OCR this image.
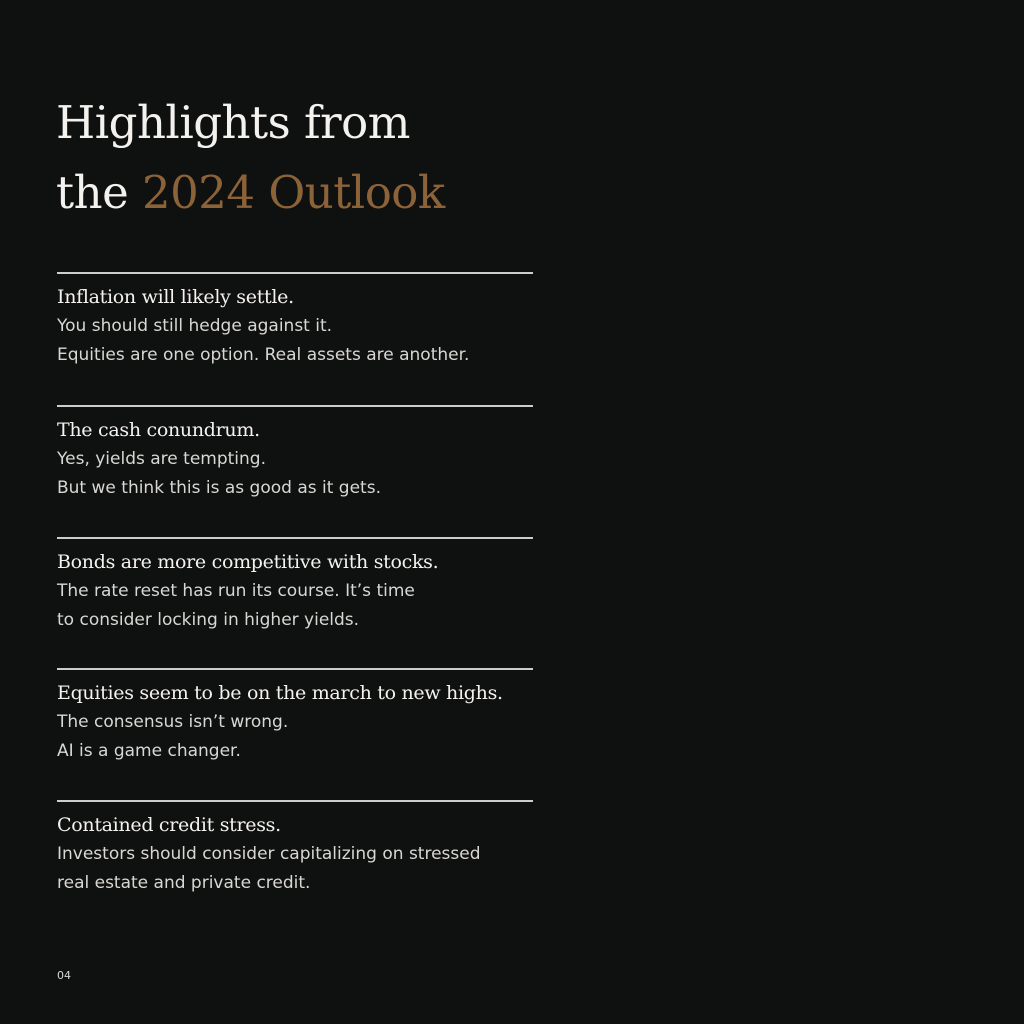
Highlights from
the 2024 Outlook
Inflation will likely settle.

You should still hedge against it.
Equities are one option. Real assets are another.

The cash conundrum.

Yes, yields are tempting.
But we think this is as good as it gets.

Bonds are more competitive with stocks.

The rate reset has run its course. It’s time
to consider locking in higher yields.

Equities seem to be on the march to new highs.

The consensus isn’t wrong.
AI is a game changer.

Contained credit stress.

Investors should consider capitalizing on stressed
real estate and private credit.

04
